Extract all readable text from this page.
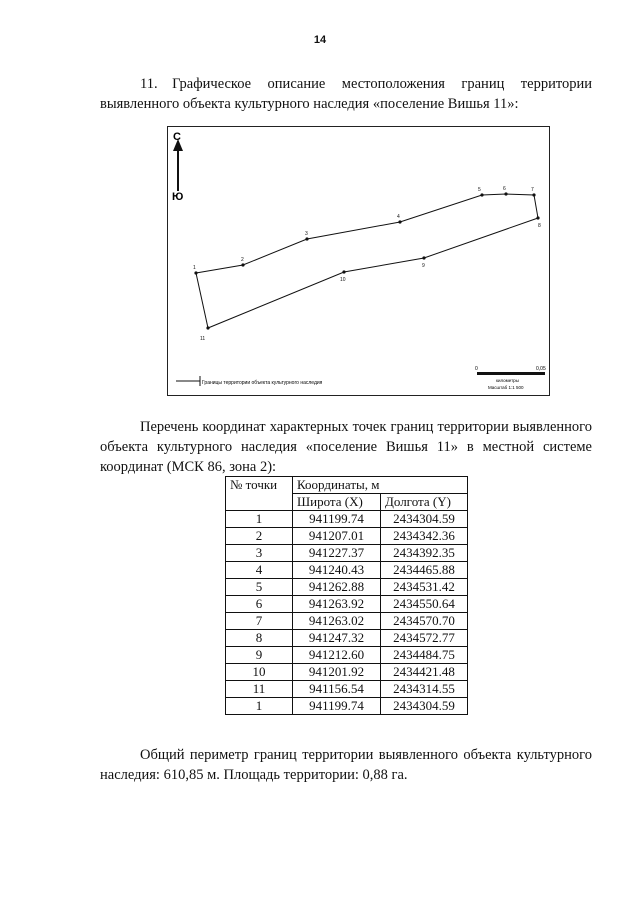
14
11. Графическое описание местоположения границ территории выявленного объекта культурного наследия «поселение Вишья 11»:
С
Ю
1
2
3
4
5	6	7
8
9
10
11
Границы территории объекта культурного наследия
0	0,05
километры
Масштаб 1:1 500
Перечень координат характерных точек границ территории выявленного объекта культурного наследия «поселение Вишья 11» в местной системе координат (МСК 86, зона 2):
№ точки	Координаты, м	
	Широта (X)	Долгота (Y)
1	941199.74	2434304.59
2	941207.01	2434342.36
3	941227.37	2434392.35
4	941240.43	2434465.88
5	941262.88	2434531.42
6	941263.92	2434550.64
7	941263.02	2434570.70
8	941247.32	2434572.77
9	941212.60	2434484.75
10	941201.92	2434421.48
11	941156.54	2434314.55
1	941199.74	2434304.59
Общий периметр границ территории выявленного объекта культурного наследия: 610,85 м. Площадь территории: 0,88 га.
